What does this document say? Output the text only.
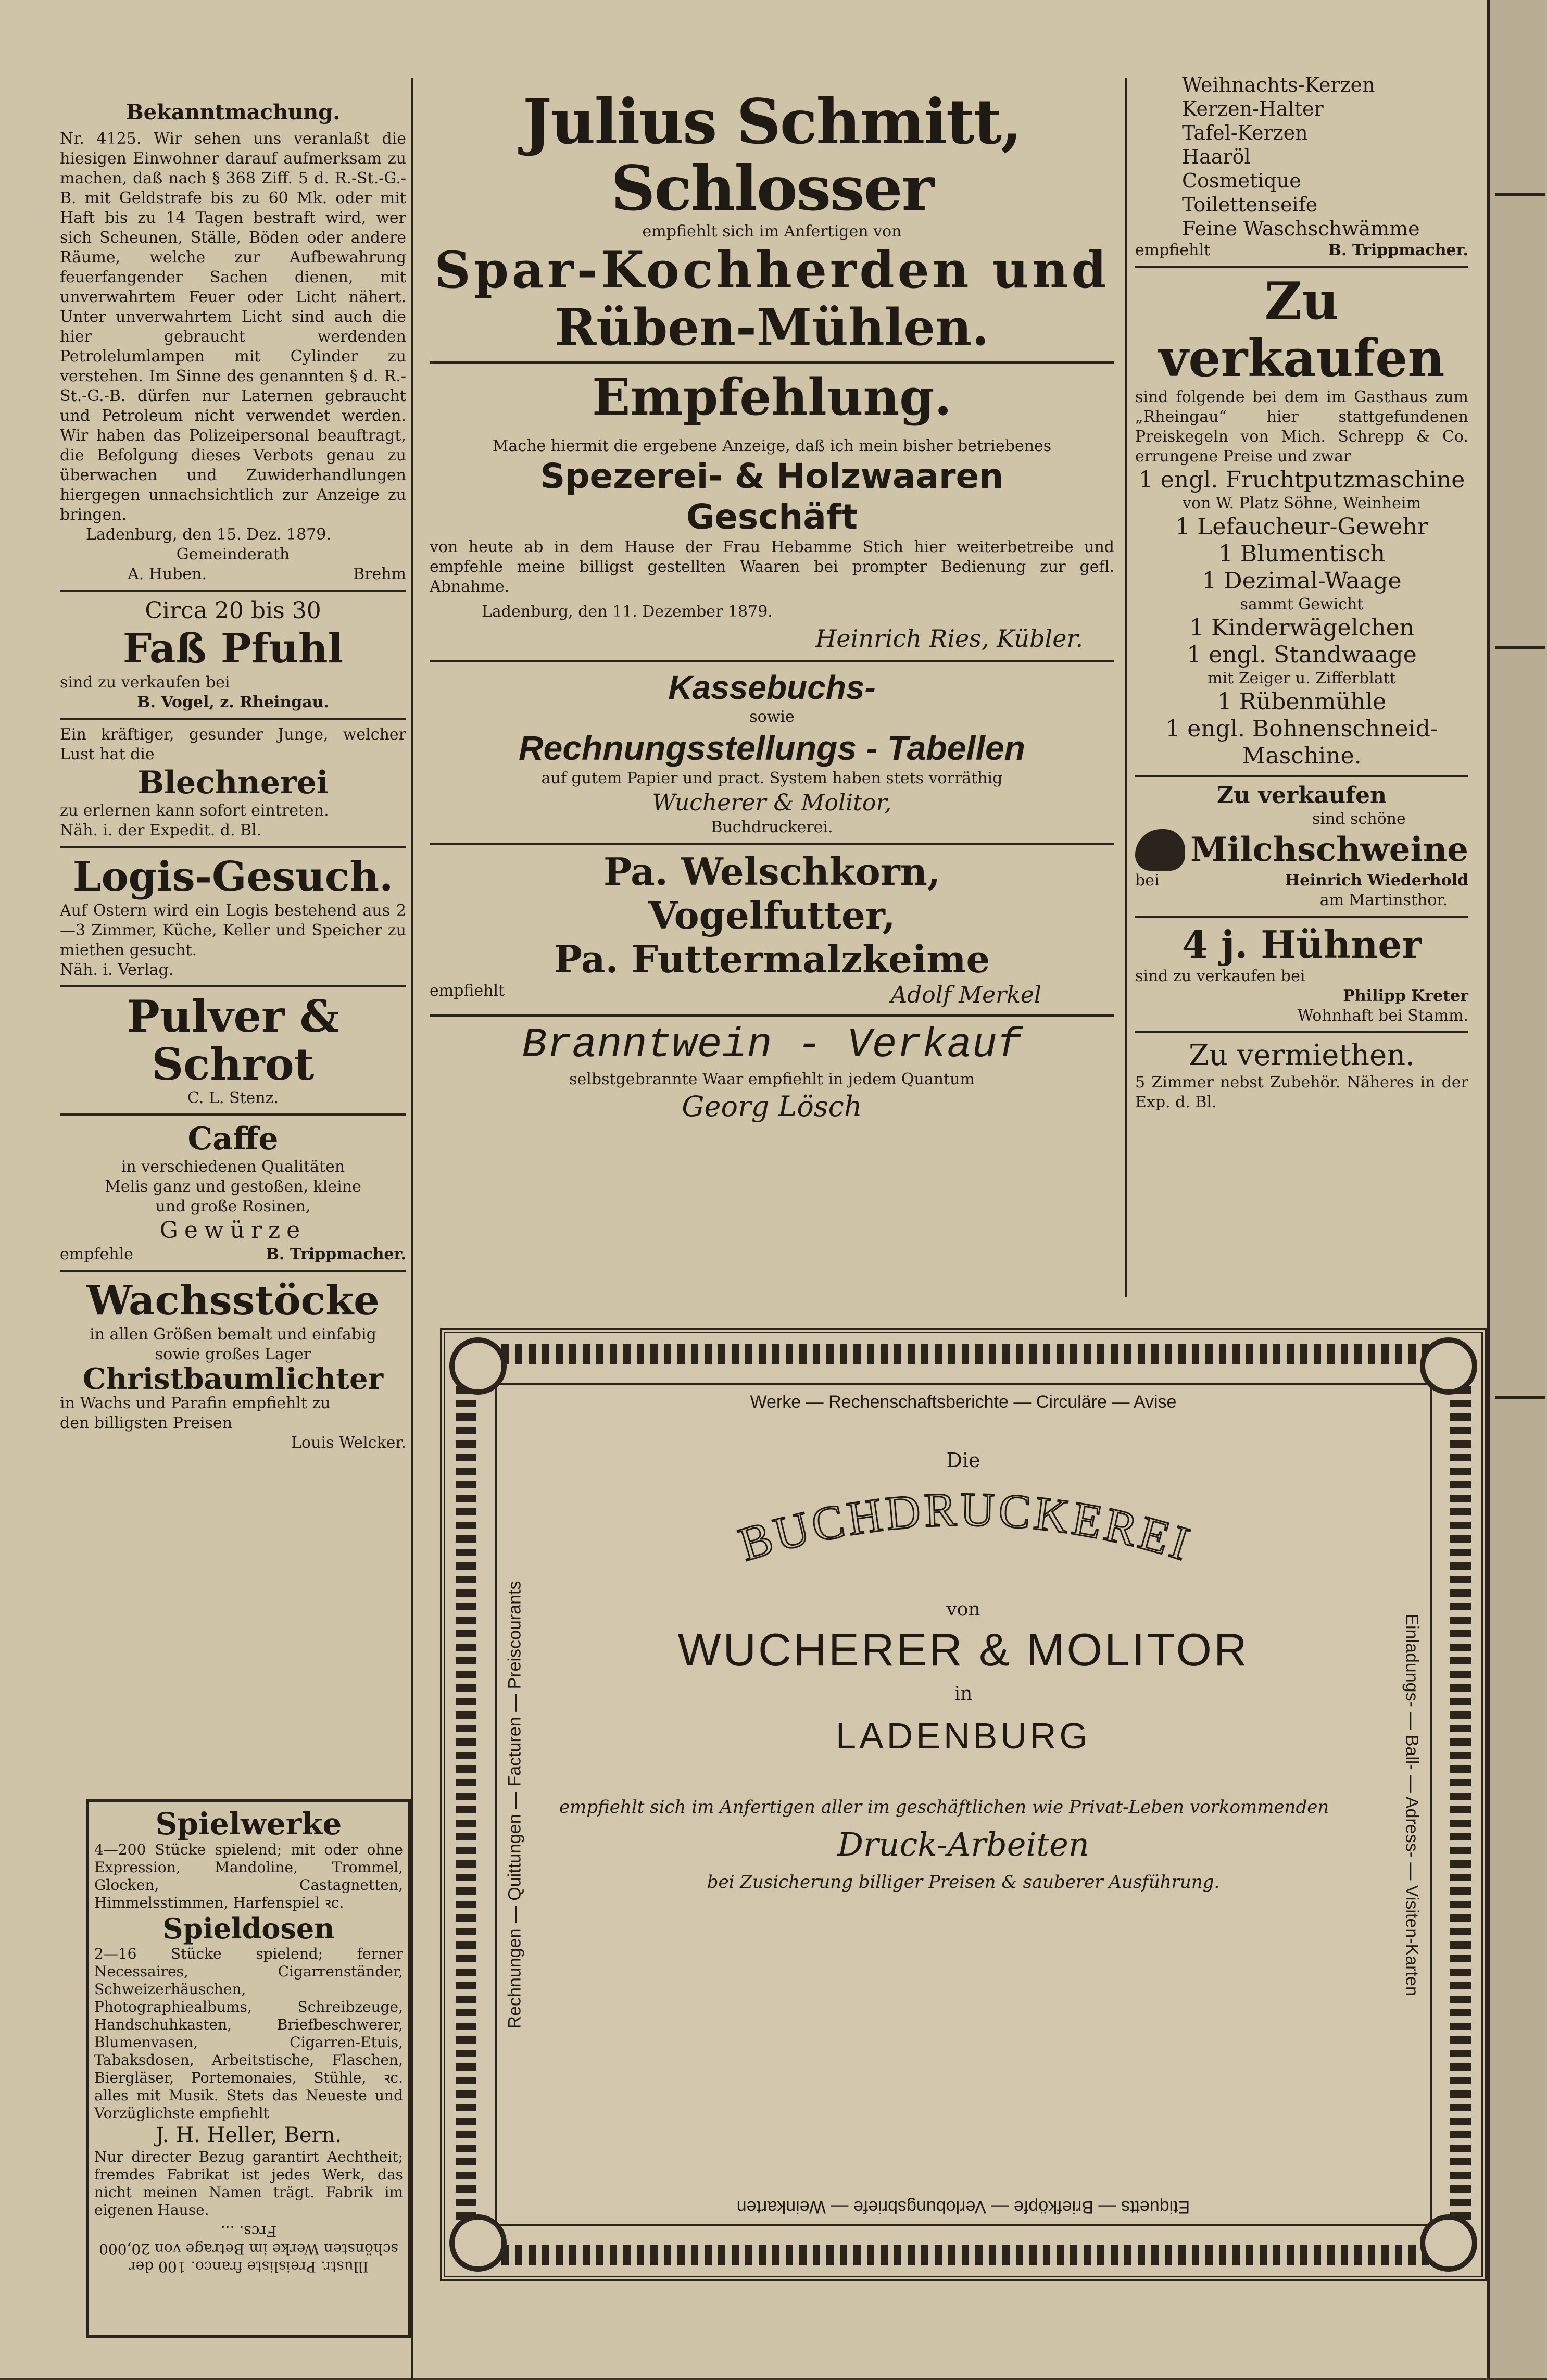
Bekanntmachung.
Nr. 4125. Wir sehen uns veranlaßt die hiesigen Einwohner darauf aufmerksam zu machen, daß nach § 368 Ziff. 5 d. R.-St.-G.-B. mit Geldstrafe bis zu 60 Mk. oder mit Haft bis zu 14 Tagen bestraft wird, wer sich Scheunen, Ställe, Böden oder andere Räume, welche zur Aufbewahrung feuerfangender Sachen dienen, mit unverwahrtem Feuer oder Licht nähert. Unter unverwahrtem Licht sind auch die hier gebraucht werdenden Petrolelumlampen mit Cylinder zu verstehen. Im Sinne des genannten § d. R.-St.-G.-B. dürfen nur Laternen gebraucht und Petroleum nicht verwendet werden. Wir haben das Polizeipersonal beauftragt, die Befolgung dieses Verbots genau zu überwachen und Zuwiderhandlungen hiergegen unnachsichtlich zur Anzeige zu bringen.
Ladenburg, den 15. Dez. 1879.
Gemeinderath
A. Huben.	Brehm
Circa 20 bis 30
Faß Pfuhl
sind zu verkaufen bei
B. Vogel, z. Rheingau.
Ein kräftiger, gesunder Junge, welcher Lust hat die
Blechnerei
zu erlernen kann sofort eintreten.
Näh. i. der Expedit. d. Bl.
Logis-Gesuch.
Auf Ostern wird ein Logis bestehend aus 2—3 Zimmer, Küche, Keller und Speicher zu miethen gesucht.
Näh. i. Verlag.
Pulver & Schrot
C. L. Stenz.
Caffe
in verschiedenen Qualitäten
Melis ganz und gestoßen, kleine
und große Rosinen,
Gewürze
empfehle	B. Trippmacher.
Wachsstöcke
in allen Größen bemalt und einfabig
sowie großes Lager
Christbaumlichter
in Wachs und Parafin empfiehlt zu
den billigsten Preisen
Louis Welcker.
Spielwerke
4—200 Stücke spielend; mit oder ohne Expression, Mandoline, Trommel, Glocken, Castagnetten, Himmelsstimmen, Harfenspiel ꝛc.
Spieldosen
2—16 Stücke spielend; ferner Necessaires, Cigarrenständer, Schweizerhäuschen, Photographiealbums, Schreibzeuge, Handschuhkasten, Briefbeschwerer, Blumenvasen, Cigarren-Etuis, Tabaksdosen, Arbeitstische, Flaschen, Biergläser, Portemonaies, Stühle, ꝛc. alles mit Musik. Stets das Neueste und Vorzüglichste empfiehlt
J. H. Heller, Bern.
Nur directer Bezug garantirt Aechtheit; fremdes Fabrikat ist jedes Werk, das nicht meinen Namen trägt. Fabrik im eigenen Hause.
Illustr. Preisliste franco. 100 der schönsten Werke im Betrage von 20,000 Frcs. ...
Julius Schmitt, Schlosser
empfiehlt sich im Anfertigen von
Spar-Kochherden und
Rüben-Mühlen.
Empfehlung.
Mache hiermit die ergebene Anzeige, daß ich mein bisher betriebenes
Spezerei- & Holzwaaren
Geschäft
von heute ab in dem Hause der Frau Hebamme Stich hier weiterbetreibe und empfehle meine billigst gestellten Waaren bei prompter Bedienung zur gefl. Abnahme.
Ladenburg, den 11. Dezember 1879.
Heinrich Ries, Kübler.
Kassebuchs-
sowie
Rechnungsstellungs - Tabellen
auf gutem Papier und pract. System haben stets vorräthig
Wucherer & Molitor,
Buchdruckerei.
Pa. Welschkorn,
Vogelfutter,
Pa. Futtermalzkeime
empfiehlt	Adolf Merkel
Branntwein - Verkauf
selbstgebrannte Waar empfiehlt in jedem Quantum
Georg Lösch
Weihnachts-Kerzen
Kerzen-Halter
Tafel-Kerzen
Haaröl
Cosmetique
Toilettenseife
Feine Waschschwämme
empfiehlt	B. Trippmacher.
Zu verkaufen
sind folgende bei dem im Gasthaus zum „Rheingau“ hier stattgefundenen Preiskegeln von Mich. Schrepp & Co. errungene Preise und zwar
1 engl. Fruchtputzmaschine
von W. Platz Söhne, Weinheim
1 Lefaucheur-Gewehr
1 Blumentisch
1 Dezimal-Waage
sammt Gewicht
1 Kinderwägelchen
1 engl. Standwaage
mit Zeiger u. Zifferblatt
1 Rübenmühle
1 engl. Bohnenschneid-
Maschine.
Zu verkaufen
sind schöne
Milchschweine
bei	Heinrich Wiederhold
am Martinsthor.
4 j. Hühner
sind zu verkaufen bei
Philipp Kreter
Wohnhaft bei Stamm.
Zu vermiethen.
5 Zimmer nebst Zubehör. Näheres in der Exp. d. Bl.
Werke — Rechenschaftsberichte — Circuläre — Avise
Etiquetts — Briefköpfe — Verlobungsbriefe — Weinkarten
Rechnungen — Quittungen — Facturen — Preiscourants	Einladungs- — Ball- — Adress- — Visiten-Karten
Die
BUCHDRUCKEREI
von
WUCHERER & MOLITOR
in
LADENBURG
empfiehlt sich im Anfertigen aller im geschäftlichen wie Privat-Leben vorkommenden
Druck-Arbeiten
bei Zusicherung billiger Preisen & sauberer Ausführung.
